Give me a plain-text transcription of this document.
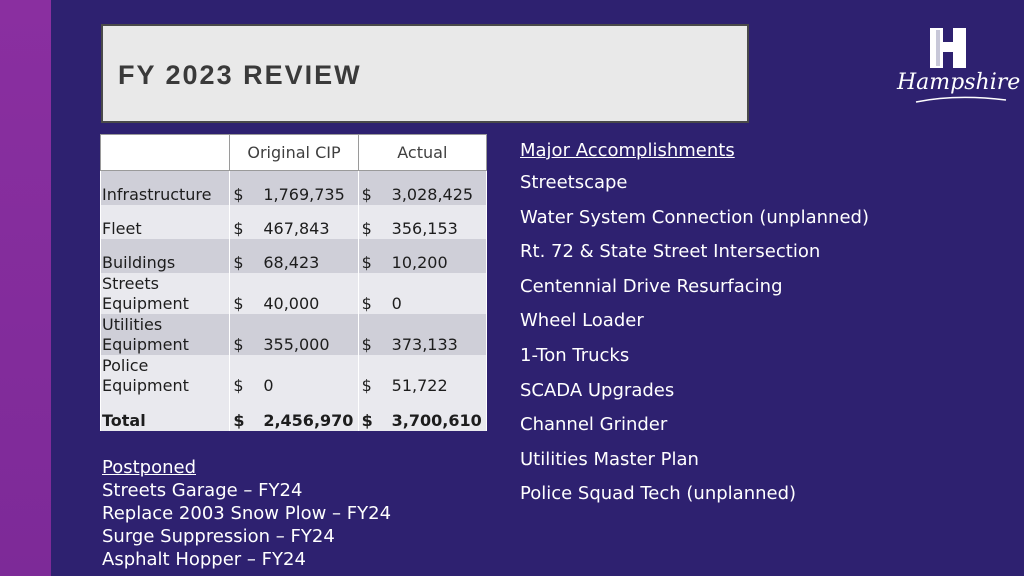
FY 2023 REVIEW	Hampshire
	Original CIP	Actual
Infrastructure	$ 1,769,735	$ 3,028,425
Fleet	$ 467,843	$ 356,153
Buildings	$ 68,423	$ 10,200
Streets
Equipment	$ 40,000	$ 0
Utilities
Equipment	$ 355,000	$ 373,133
Police
Equipment	$ 0	$ 51,722
Total	$ 2,456,970	$ 3,700,610
Major Accomplishments
Streetscape
Water System Connection (unplanned)
Rt. 72 & State Street Intersection
Centennial Drive Resurfacing
Wheel Loader
1-Ton Trucks
SCADA Upgrades
Channel Grinder
Utilities Master Plan
Police Squad Tech (unplanned)
Postponed
Streets Garage – FY24
Replace 2003 Snow Plow – FY24
Surge Suppression – FY24
Asphalt Hopper – FY24
